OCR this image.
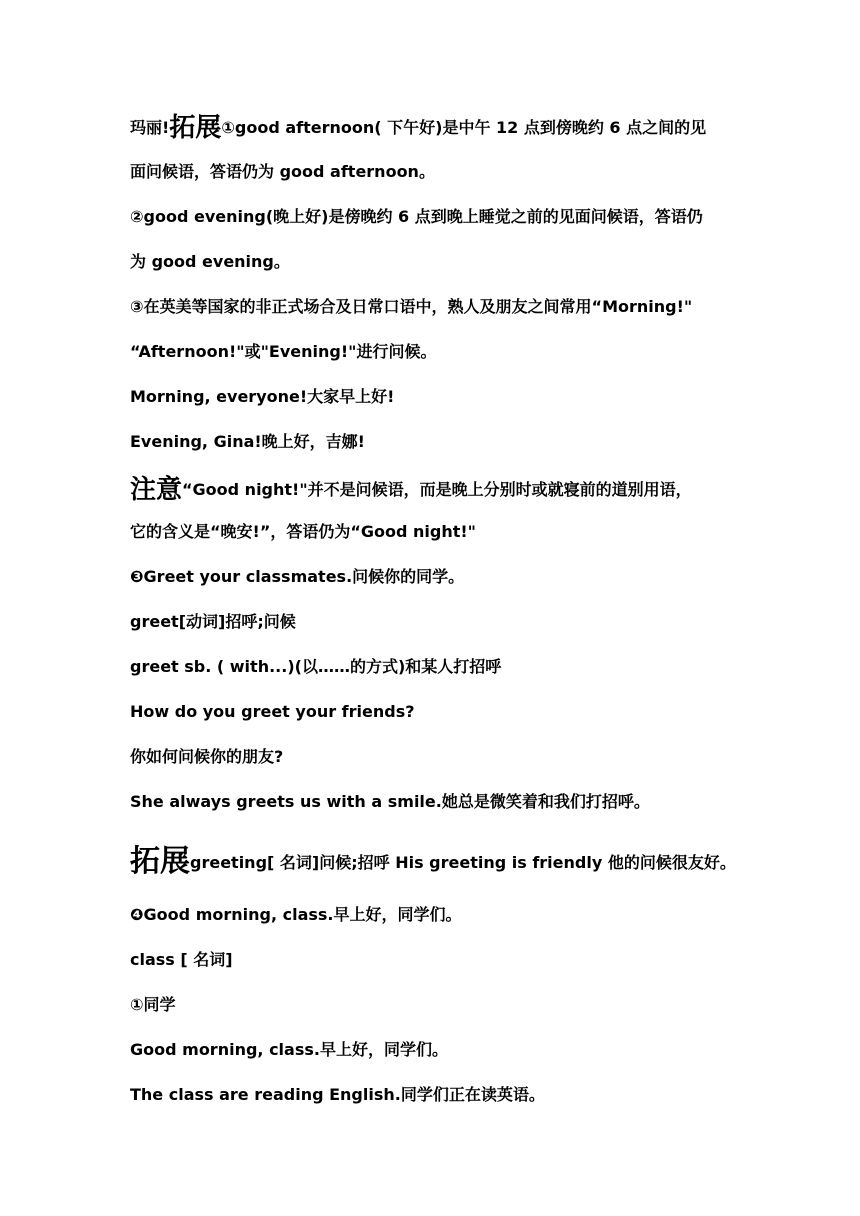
玛丽!拓展①good afternoon( 下午好)是中午 12 点到傍晚约 6 点之间的见
面问候语，答语仍为 good afternoon。
②good evening(晚上好)是傍晚约 6 点到晚上睡觉之前的见面问候语，答语仍
为 good evening。
③在英美等国家的非正式场合及日常口语中，熟人及朋友之间常用“Morning!"
“Afternoon!"或"Evening!"进行问候。
Morning, everyone!大家早上好!
Evening, Gina!晚上好，吉娜!
注意“Good night!"并不是问候语，而是晚上分别时或就寝前的道别用语，
它的含义是“晚安!”，答语仍为“Good night!"
❸Greet your classmates.问候你的同学。
greet[动词]招呼;问候
greet sb. ( with...)(以……的方式)和某人打招呼
How do you greet your friends?
你如何问候你的朋友?
She always greets us with a smile.她总是微笑着和我们打招呼。
拓展greeting[ 名词]问候;招呼 His greeting is friendly 他的问候很友好。
❹Good morning, class.早上好，同学们。
class [ 名词]
①同学
Good morning, class.早上好，同学们。
The class are reading English.同学们正在读英语。
